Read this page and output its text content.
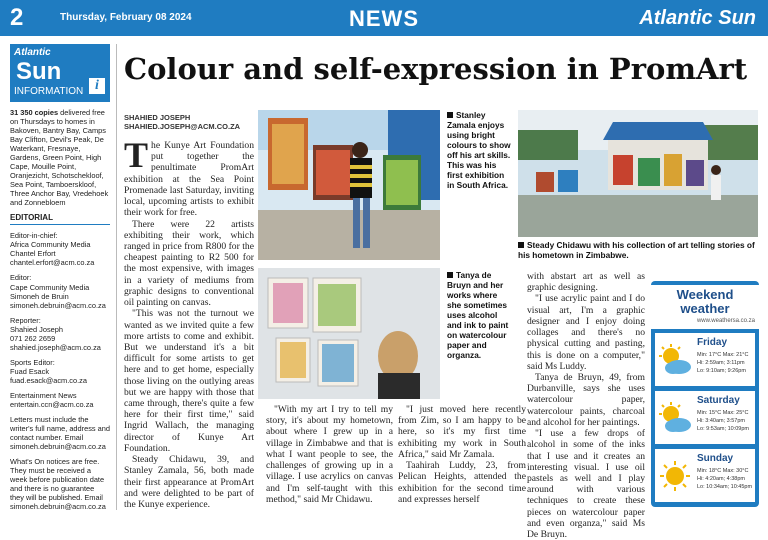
2	Thursday, February 08 2024	NEWS	Atlantic Sun
Atlantic
Sun
INFORMATION i
31 350 copies delivered free on Thursdays to homes in Bakoven, Bantry Bay, Camps Bay Clifton, Devil's Peak, De Waterkant, Fresnaye, Gardens, Green Point, High Cape, Mouille Point, Oranjezicht, Schotschekloof, Sea Point, Tamboerskloof, Three Anchor Bay, Vredehoek and Zonnebloem
EDITORIAL
Editor-in-chief:
Africa Community Media
Chantel Erfort
chantel.erfort@acm.co.za
Editor:
Cape Community Media
Simoneh de Bruin
simoneh.debruin@acm.co.za
Reporter:
Shahied Joseph
071 262 2659
shahied.joseph@acm.co.za
Sports Editor:
Fuad Esack
fuad.esack@acm.co.za
Entertainment News
entertain.ccn@acm.co.za
Letters must include the writer's full name, address and contact number. Email simoneh.debruin@acm.co.za
What's On notices are free. They must be received a week before publication date and there is no guarantee they will be published. Email simoneh.debruin@acm.co.za
Colour and self-expression in PromArt
SHAHIED JOSEPH
SHAHIED.JOSEPH@ACM.CO.ZA

The Kunye Art Foundation put together the penultimate PromArt exhibition at the Sea Point Promenade last Saturday, inviting local, upcoming artists to exhibit their work for free.

There were 22 artists exhibiting their work, which ranged in price from R800 for the cheapest painting to R2 500 for the most expensive, with images in a variety of mediums from graphic designs to conventional oil painting on canvas.

"This was not the turnout we wanted as we invited quite a few more artists to come and exhibit. But we understand it's a bit difficult for some artists to get here and to get home, especially those living on the outlying areas but we are happy with those that came through, there's quite a few here for their first time," said Ingrid Wallach, the managing director of Kunye Art Foundation.

Steady Chidawu, 39, and Stanley Zamala, 56, both made their first appearance at PromArt and were delighted to be part of the Kunye experience.

Stanley Zamala enjoys using bright colours to show off his art skills. This was his first exhibition in South Africa.
Steady Chidawu with his collection of art telling stories of his hometown in Zimbabwe.
Tanya de Bruyn and her works where she sometimes uses alcohol and ink to paint on watercolour paper and organza.

"With my art I try to tell my story, it's about my hometown, about where I grew up in a village in Zimbabwe and that is what I want people to see, the challenges of growing up in a village. I use acrylics on canvas and I'm self-taught with this method," said Mr Chidawu.

"I just moved here recently from Zim, so I am happy to be here, so it's my first time exhibiting my work in South Africa," said Mr Zamala.

Taahirah Luddy, 23, from Pelican Heights, attended the exhibition for the second time and expresses herself

with abstart art as well as graphic designing.

"I use acrylic paint and I do visual art, I'm a graphic designer and I enjoy doing collages and there's no physical cutting and pasting, this is done on a computer," said Ms Luddy.

Tanya de Bruyn, 49, from Durbanville, says she uses watercolour paper, watercolour paints, charcoal and alcohol for her paintings.

"I use a few drops of alcohol in some of the inks that I use and it creates an interesting visual. I use oil pastels as well and I play around with various techniques to create these pieces on watercolour paper and even organza," said Ms De Bruyn.

Weekend
weather
www.weathersa.co.za
Friday
Min: 17°C Max: 21°C
Hi: 2:59am; 3:11pm
Lo: 9:10am; 9:26pm
Saturday
Min: 15°C Max: 25°C
Hi: 3:40am; 3:57pm
Lo: 9:53am; 10:09pm
Sunday
Min: 18°C Max: 30°C
Hi: 4:20am; 4:38pm
Lo: 10:34am; 10:45pm
